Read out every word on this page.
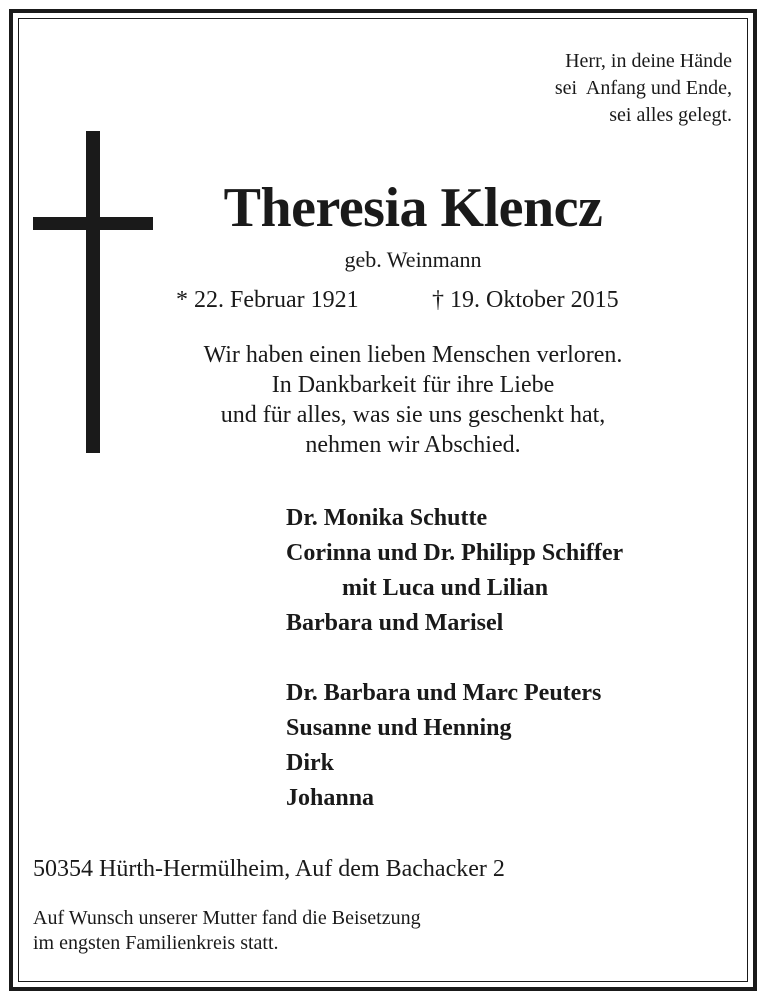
Herr, in deine Hände
sei  Anfang und Ende,
sei alles gelegt.
Theresia Klencz
geb. Weinmann
* 22. Februar 1921	† 19. Oktober 2015
Wir haben einen lieben Menschen verloren.
In Dankbarkeit für ihre Liebe
und für alles, was sie uns geschenkt hat,
nehmen wir Abschied.
Dr. Monika Schutte
Corinna und Dr. Philipp Schiffer
mit Luca und Lilian
Barbara und Marisel
Dr. Barbara und Marc Peuters
Susanne und Henning
Dirk
Johanna
50354 Hürth-Hermülheim, Auf dem Bachacker 2
Auf Wunsch unserer Mutter fand die Beisetzung
im engsten Familienkreis statt.
